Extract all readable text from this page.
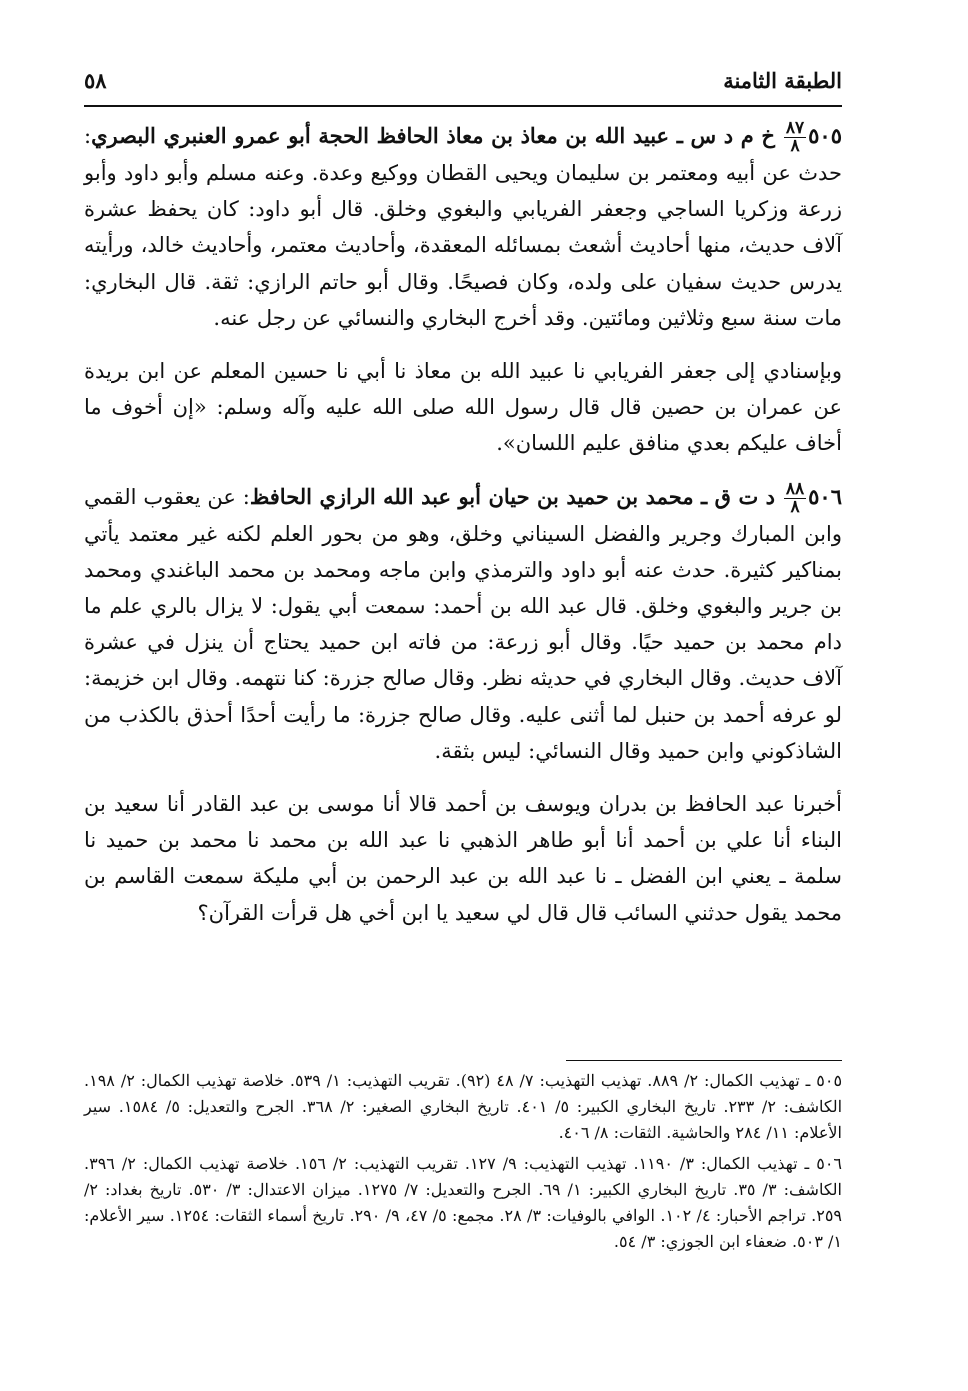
الطبقة الثامنة
٥٨

٥٠٥
$\frac{٨٧}{٨}$
خ م د س ـ عبيد الله بن معاذ بن معاذ الحافظ الحجة أبو عمرو العنبري البصري: حدث عن أبيه ومعتمر بن سليمان ويحيى القطان ووكيع وعدة. وعنه مسلم وأبو داود وأبو زرعة وزكريا الساجي وجعفر الفريابي والبغوي وخلق. قال أبو داود: كان يحفظ عشرة آلاف حديث، منها أحاديث أشعث بمسائله المعقدة، وأحاديث معتمر، وأحاديث خالد، ورأيته يدرس حديث سفيان على ولده، وكان فصيحًا. وقال أبو حاتم الرازي: ثقة. قال البخاري: مات سنة سبع وثلاثين ومائتين. وقد أخرج البخاري والنسائي عن رجل عنه.

وبإسنادي إلى جعفر الفريابي نا عبيد الله بن معاذ نا أبي نا حسين المعلم عن ابن بريدة عن عمران بن حصين قال قال رسول الله صلى الله عليه وآله وسلم: «إن أخوف ما أخاف عليكم بعدي منافق عليم اللسان».

٥٠٦
$\frac{٨٨}{٨}$
د ت ق ـ محمد بن حميد بن حيان أبو عبد الله الرازي الحافظ: عن يعقوب القمي وابن المبارك وجرير والفضل السيناني وخلق، وهو من بحور العلم لكنه غير معتمد يأتي بمناكير كثيرة. حدث عنه أبو داود والترمذي وابن ماجه ومحمد بن محمد الباغندي ومحمد بن جرير والبغوي وخلق. قال عبد الله بن أحمد: سمعت أبي يقول: لا يزال بالري علم ما دام محمد بن حميد حيًا. وقال أبو زرعة: من فاته ابن حميد يحتاج أن ينزل في عشرة آلاف حديث. وقال البخاري في حديثه نظر. وقال صالح جزرة: كنا نتهمه. وقال ابن خزيمة: لو عرفه أحمد بن حنبل لما أثنى عليه. وقال صالح جزرة: ما رأيت أحدًا أحذق بالكذب من الشاذكوني وابن حميد وقال النسائي: ليس بثقة.

أخبرنا عبد الحافظ بن بدران ويوسف بن أحمد قالا أنا موسى بن عبد القادر أنا سعيد بن البناء أنا علي بن أحمد أنا أبو طاهر الذهبي نا عبد الله بن محمد نا محمد بن حميد نا سلمة ـ يعني ابن الفضل ـ نا عبد الله بن عبد الرحمن بن أبي مليكة سمعت القاسم بن محمد يقول حدثني السائب قال قال لي سعيد يا ابن أخي هل قرأت القرآن؟

٥٠٥ ـ تهذيب الكمال: ٢/ ٨٨٩. تهذيب التهذيب: ٧/ ٤٨ (٩٢). تقريب التهذيب: ١/ ٥٣٩. خلاصة تهذيب الكمال: ٢/ ١٩٨. الكاشف: ٢/ ٢٣٣. تاريخ البخاري الكبير: ٥/ ٤٠١. تاريخ البخاري الصغير: ٢/ ٣٦٨. الجرح والتعديل: ٥/ ١٥٨٤. سير الأعلام: ١١/ ٢٨٤ والحاشية. الثقات: ٨/ ٤٠٦.

٥٠٦ ـ تهذيب الكمال: ٣/ ١١٩٠. تهذيب التهذيب: ٩/ ١٢٧. تقريب التهذيب: ٢/ ١٥٦. خلاصة تهذيب الكمال: ٢/ ٣٩٦. الكاشف: ٣/ ٣٥. تاريخ البخاري الكبير: ١/ ٦٩. الجرح والتعديل: ٧/ ١٢٧٥. ميزان الاعتدال: ٣/ ٥٣٠. تاريخ بغداد: ٢/ ٢٥٩. تراجم الأحبار: ٤/ ١٠٢. الوافي بالوفيات: ٣/ ٢٨. مجمع: ٥/ ٤٧، ٩/ ٢٩٠. تاريخ أسماء الثقات: ١٢٥٤. سير الأعلام: ١/ ٥٠٣. ضعفاء ابن الجوزي: ٣/ ٥٤.
